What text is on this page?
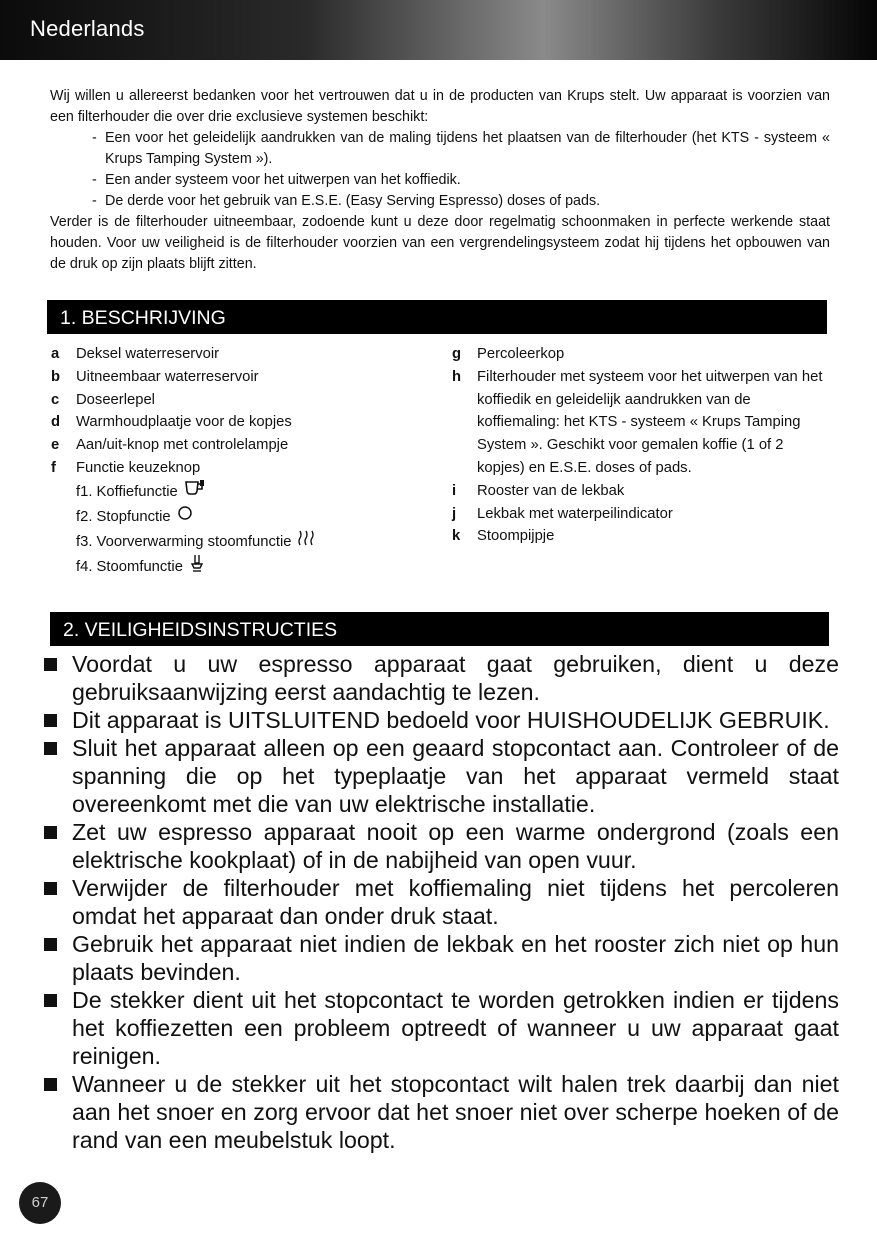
Nederlands

Wij willen u allereerst bedanken voor het vertrouwen dat u in de producten van Krups stelt. Uw apparaat is voorzien van een filterhouder die over drie exclusieve systemen beschikt:

- Een voor het geleidelijk aandrukken van de maling tijdens het plaatsen van de filterhouder (het KTS - systeem « Krups Tamping System »).
- Een ander systeem voor het uitwerpen van het koffiedik.
- De derde voor het gebruik van E.S.E. (Easy Serving Espresso) doses of pads.

Verder is de filterhouder uitneembaar, zodoende kunt u deze door regelmatig schoonmaken in perfecte werkende staat houden. Voor uw veiligheid is de filterhouder voorzien van een vergrendelingsysteem zodat hij tijdens het opbouwen van de druk op zijn plaats blijft zitten.

1. BESCHRIJVING
a	Deksel waterreservoir
b	Uitneembaar waterreservoir
c	Doseerlepel
d	Warmhoudplaatje voor de kopjes
e	Aan/uit-knop met controlelampje
f	Functie keuzeknop
f1. Koffiefunctie
f2. Stopfunctie
f3. Voorverwarming stoomfunctie
f4. Stoomfunctie
g	Percoleerkop
h	Filterhouder met systeem voor het uitwerpen van het koffiedik en geleidelijk aandrukken van de koffiemaling: het KTS - systeem « Krups Tamping System ». Geschikt voor gemalen koffie (1 of 2 kopjes) en E.S.E. doses of pads.
i	Rooster van de lekbak
j	Lekbak met waterpeilindicator
k	Stoompijpje
2. VEILIGHEIDSINSTRUCTIES
Voordat u uw espresso apparaat gaat gebruiken, dient u deze gebruiksaanwijzing eerst aandachtig te lezen.
Dit apparaat is UITSLUITEND bedoeld voor HUISHOUDELIJK GEBRUIK.
Sluit het apparaat alleen op een geaard stopcontact aan. Controleer of de spanning die op het typeplaatje van het apparaat vermeld staat overeenkomt met die van uw elektrische installatie.
Zet uw espresso apparaat nooit op een warme ondergrond (zoals een elektrische kookplaat) of in de nabijheid van open vuur.
Verwijder de filterhouder met koffiemaling niet tijdens het percoleren omdat het apparaat dan onder druk staat.
Gebruik het apparaat niet indien de lekbak en het rooster zich niet op hun plaats bevinden.
De stekker dient uit het stopcontact te worden getrokken indien er tijdens het koffiezetten een probleem optreedt of wanneer u uw apparaat gaat reinigen.
Wanneer u de stekker uit het stopcontact wilt halen trek daarbij dan niet aan het snoer en zorg ervoor dat het snoer niet over scherpe hoeken of de rand van een meubelstuk loopt.
67
